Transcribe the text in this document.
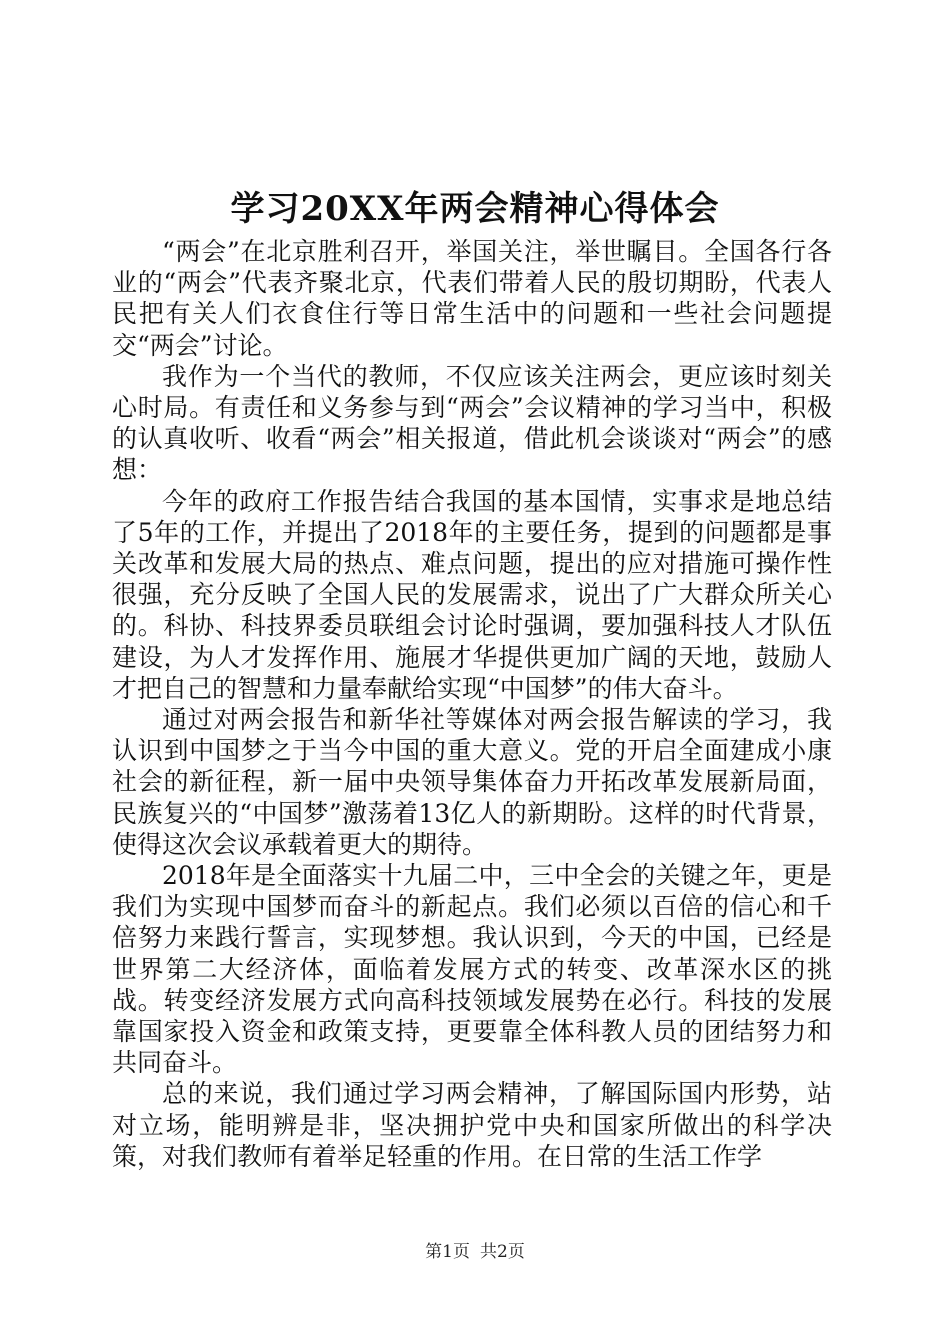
学习20XX年两会精神心得体会

“两会”在北京胜利召开，举国关注，举世瞩目。全国各行各业的“两会”代表齐聚北京，代表们带着人民的殷切期盼，代表人民把有关人们衣食住行等日常生活中的问题和一些社会问题提交“两会”讨论。

我作为一个当代的教师，不仅应该关注两会，更应该时刻关心时局。有责任和义务参与到“两会”会议精神的学习当中，积极的认真收听、收看“两会”相关报道，借此机会谈谈对“两会”的感想：

今年的政府工作报告结合我国的基本国情，实事求是地总结了5年的工作，并提出了2018年的主要任务，提到的问题都是事关改革和发展大局的热点、难点问题，提出的应对措施可操作性很强，充分反映了全国人民的发展需求，说出了广大群众所关心的。科协、科技界委员联组会讨论时强调，要加强科技人才队伍建设，为人才发挥作用、施展才华提供更加广阔的天地，鼓励人才把自己的智慧和力量奉献给实现“中国梦”的伟大奋斗。

通过对两会报告和新华社等媒体对两会报告解读的学习，我认识到中国梦之于当今中国的重大意义。党的开启全面建成小康社会的新征程，新一届中央领导集体奋力开拓改革发展新局面，民族复兴的“中国梦”激荡着13亿人的新期盼。这样的时代背景，使得这次会议承载着更大的期待。

2018年是全面落实十九届二中，三中全会的关键之年，更是我们为实现中国梦而奋斗的新起点。我们必须以百倍的信心和千倍努力来践行誓言，实现梦想。我认识到，今天的中国，已经是世界第二大经济体，面临着发展方式的转变、改革深水区的挑战。转变经济发展方式向高科技领域发展势在必行。科技的发展靠国家投入资金和政策支持，更要靠全体科教人员的团结努力和共同奋斗。

总的来说，我们通过学习两会精神，了解国际国内形势，站对立场，能明辨是非，坚决拥护党中央和国家所做出的科学决策，对我们教师有着举足轻重的作用。在日常的生活工作学

第1页 共2页
